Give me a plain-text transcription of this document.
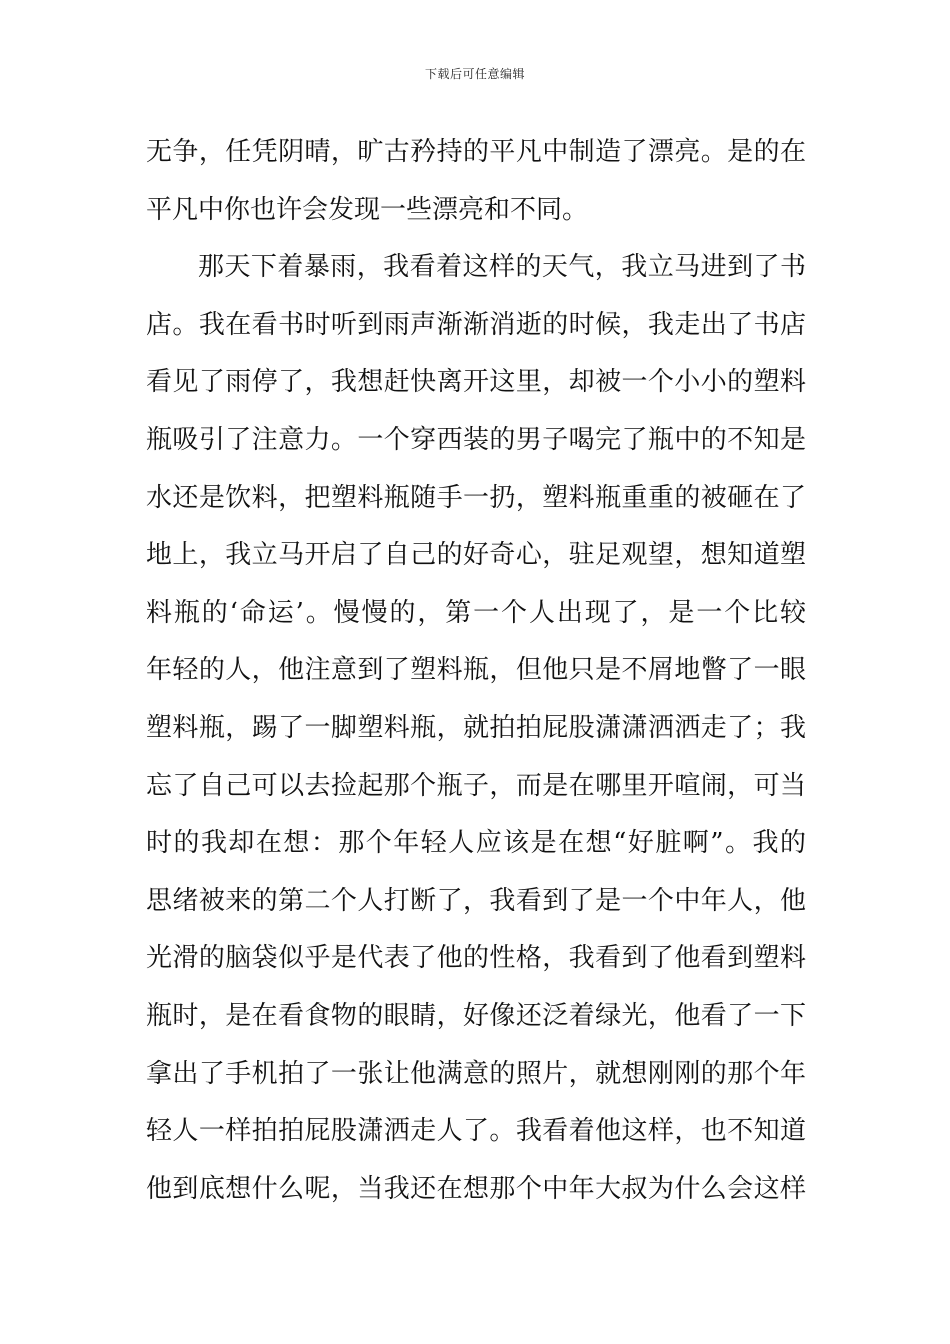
下载后可任意编辑
无争，任凭阴晴，旷古矜持的平凡中制造了漂亮。是的在
平凡中你也许会发现一些漂亮和不同。
那天下着暴雨，我看着这样的天气，我立马进到了书
店。我在看书时听到雨声渐渐消逝的时候，我走出了书店
看见了雨停了，我想赶快离开这里，却被一个小小的塑料
瓶吸引了注意力。一个穿西装的男子喝完了瓶中的不知是
水还是饮料，把塑料瓶随手一扔，塑料瓶重重的被砸在了
地上，我立马开启了自己的好奇心，驻足观望，想知道塑
料瓶的‘命运’。慢慢的，第一个人出现了，是一个比较
年轻的人，他注意到了塑料瓶，但他只是不屑地瞥了一眼
塑料瓶，踢了一脚塑料瓶，就拍拍屁股潇潇洒洒走了；我
忘了自己可以去捡起那个瓶子，而是在哪里开喧闹，可当
时的我却在想：那个年轻人应该是在想“好脏啊”。我的
思绪被来的第二个人打断了，我看到了是一个中年人，他
光滑的脑袋似乎是代表了他的性格，我看到了他看到塑料
瓶时，是在看食物的眼睛，好像还泛着绿光，他看了一下
拿出了手机拍了一张让他满意的照片，就想刚刚的那个年
轻人一样拍拍屁股潇洒走人了。我看着他这样，也不知道
他到底想什么呢，当我还在想那个中年大叔为什么会这样
